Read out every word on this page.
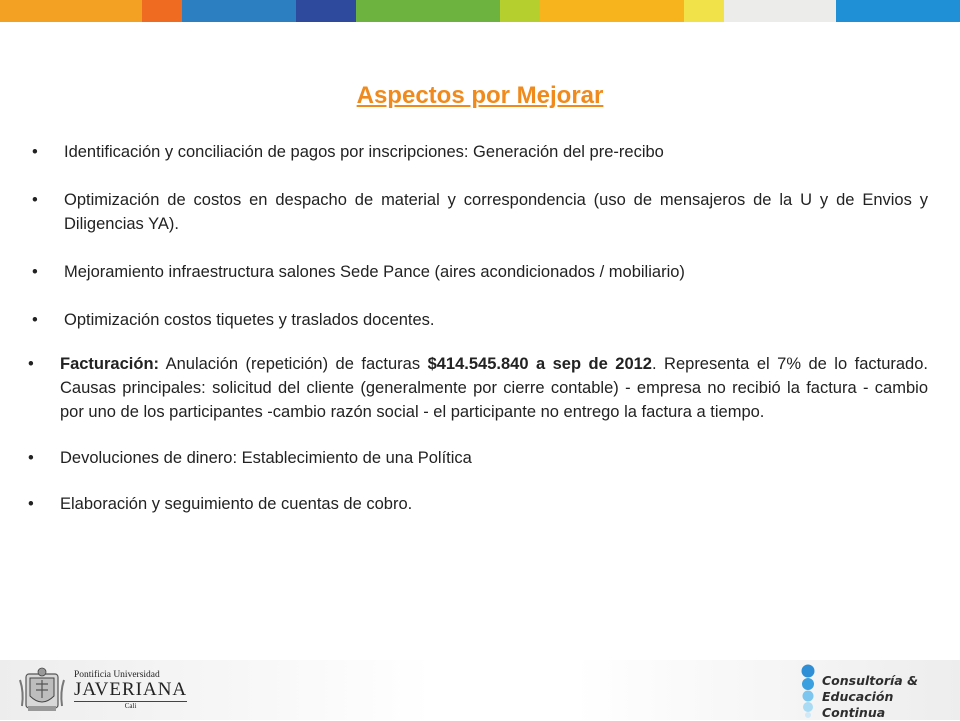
Aspectos por Mejorar
• Identificación y conciliación de pagos por inscripciones: Generación del pre-recibo
• Optimización de costos en despacho de material y correspondencia (uso de mensajeros de la U y de Envios y Diligencias YA).
• Mejoramiento infraestructura salones Sede Pance (aires acondicionados / mobiliario)
• Optimización costos tiquetes y traslados docentes.
• Facturación: Anulación (repetición) de facturas $414.545.840 a sep de 2012. Representa el 7% de lo facturado. Causas principales: solicitud del cliente (generalmente por cierre contable) - empresa no recibió la factura - cambio por uno de los participantes -cambio razón social - el participante no entrego la factura a tiempo.
• Devoluciones de dinero: Establecimiento de una Política
• Elaboración y seguimiento de cuentas de cobro.
Pontificia Universidad
JAVERIANA
Cali
Consultoría &
Educación Continua
